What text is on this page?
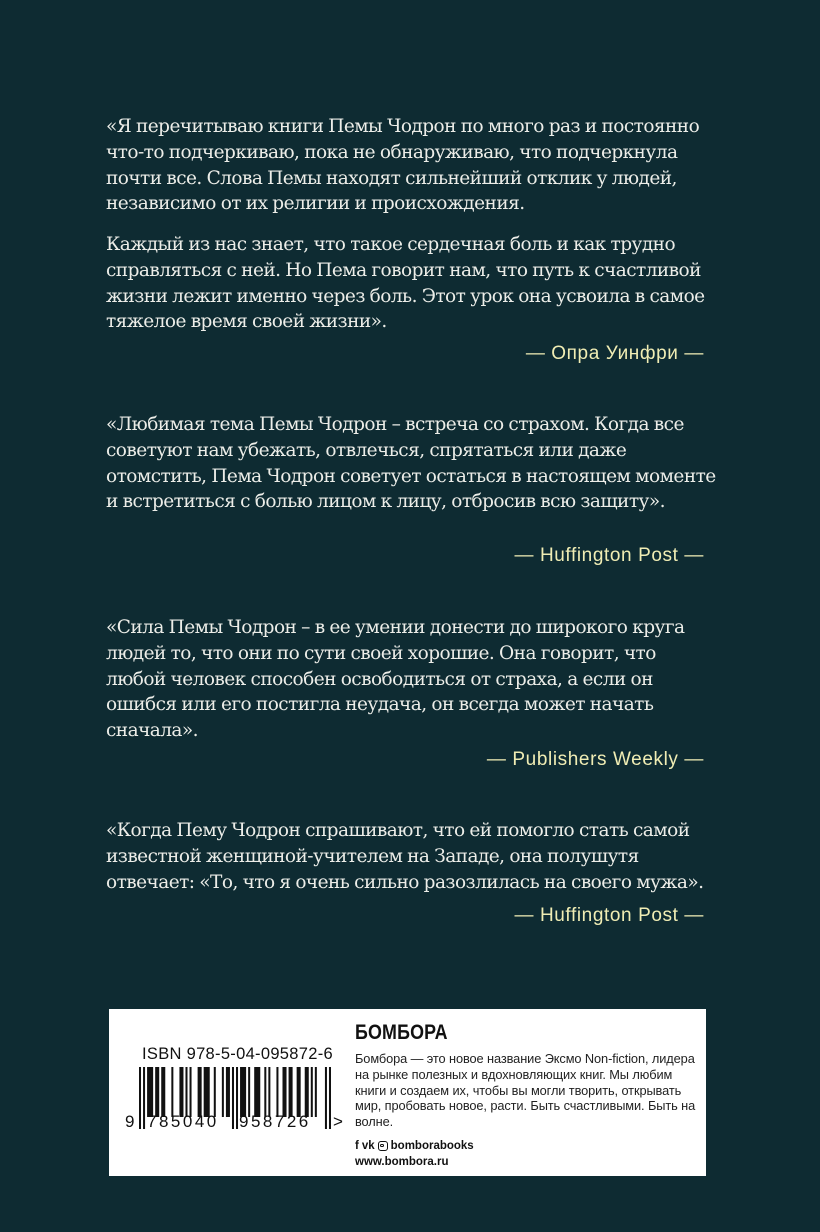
«Я перечитываю книги Пемы Чодрон по много раз и постоянно что-то подчеркиваю, пока не обнаруживаю, что подчеркнула почти все. Слова Пемы находят сильнейший отклик у людей, независимо от их религии и происхождения.

Каждый из нас знает, что такое сердечная боль и как трудно справляться с ней. Но Пема говорит нам, что путь к счастливой жизни лежит именно через боль. Этот урок она усвоила в самое тяжелое время своей жизни».

— Опра Уинфри —

«Любимая тема Пемы Чодрон – встреча со страхом. Когда все советуют нам убежать, отвлечься, спрятаться или даже отомстить, Пема Чодрон советует остаться в настоящем моменте и встретиться с болью лицом к лицу, отбросив всю защиту».

— Huffington Post —

«Сила Пемы Чодрон – в ее умении донести до широкого круга людей то, что они по сути своей хорошие. Она говорит, что любой человек способен освободиться от страха, а если он ошибся или его постигла неудача, он всегда может начать сначала».

— Publishers Weekly —

«Когда Пему Чодрон спрашивают, что ей помогло стать самой известной женщиной-учителем на Западе, она полушутя отвечает: «То, что я очень сильно разозлилась на своего мужа».

— Huffington Post —
ISBN 978-5-04-095872-6
9 785040 958726 >
БОМБОРА

Бомбора — это новое название Эксмо Non-fiction, лидера на рынке полезных и вдохновляющих книг. Мы любим книги и создаем их, чтобы вы могли творить, открывать мир, пробовать новое, расти. Быть счастливыми. Быть на волне.

f vk bomborabooks
www.bombora.ru
